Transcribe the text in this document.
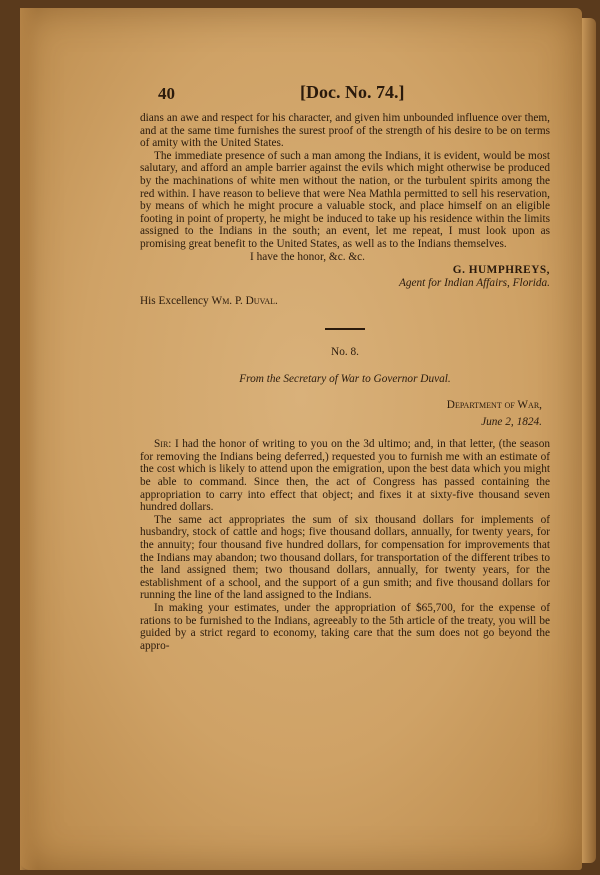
40	[Doc. No. 74.]

dians an awe and respect for his character, and given him unbounded influence over them, and at the same time furnishes the surest proof of the strength of his desire to be on terms of amity with the United States.

The immediate presence of such a man among the Indians, it is evident, would be most salutary, and afford an ample barrier against the evils which might otherwise be produced by the machinations of white men without the nation, or the turbulent spirits among the red within. I have reason to believe that were Nea Mathla permitted to sell his reservation, by means of which he might procure a valuable stock, and place himself on an eligible footing in point of property, he might be induced to take up his residence within the limits assigned to the Indians in the south; an event, let me repeat, I must look upon as promising great benefit to the United States, as well as to the Indians themselves.

I have the honor, &c. &c.

G. HUMPHREYS,

Agent for Indian Affairs, Florida.

His Excellency Wm. P. Duval.

No. 8.

From the Secretary of War to Governor Duval.

Department of War,

June 2, 1824.

Sir: I had the honor of writing to you on the 3d ultimo; and, in that letter, (the season for removing the Indians being deferred,) requested you to furnish me with an estimate of the cost which is likely to attend upon the emigration, upon the best data which you might be able to command. Since then, the act of Congress has passed containing the appropriation to carry into effect that object; and fixes it at sixty-five thousand seven hundred dollars.

The same act appropriates the sum of six thousand dollars for implements of husbandry, stock of cattle and hogs; five thousand dollars, annually, for twenty years, for the annuity; four thousand five hundred dollars, for compensation for improvements that the Indians may abandon; two thousand dollars, for transportation of the different tribes to the land assigned them; two thousand dollars, annually, for twenty years, for the establishment of a school, and the support of a gun smith; and five thousand dollars for running the line of the land assigned to the Indians.

In making your estimates, under the appropriation of $65,700, for the expense of rations to be furnished to the Indians, agreeably to the 5th article of the treaty, you will be guided by a strict regard to economy, taking care that the sum does not go beyond the appro-
